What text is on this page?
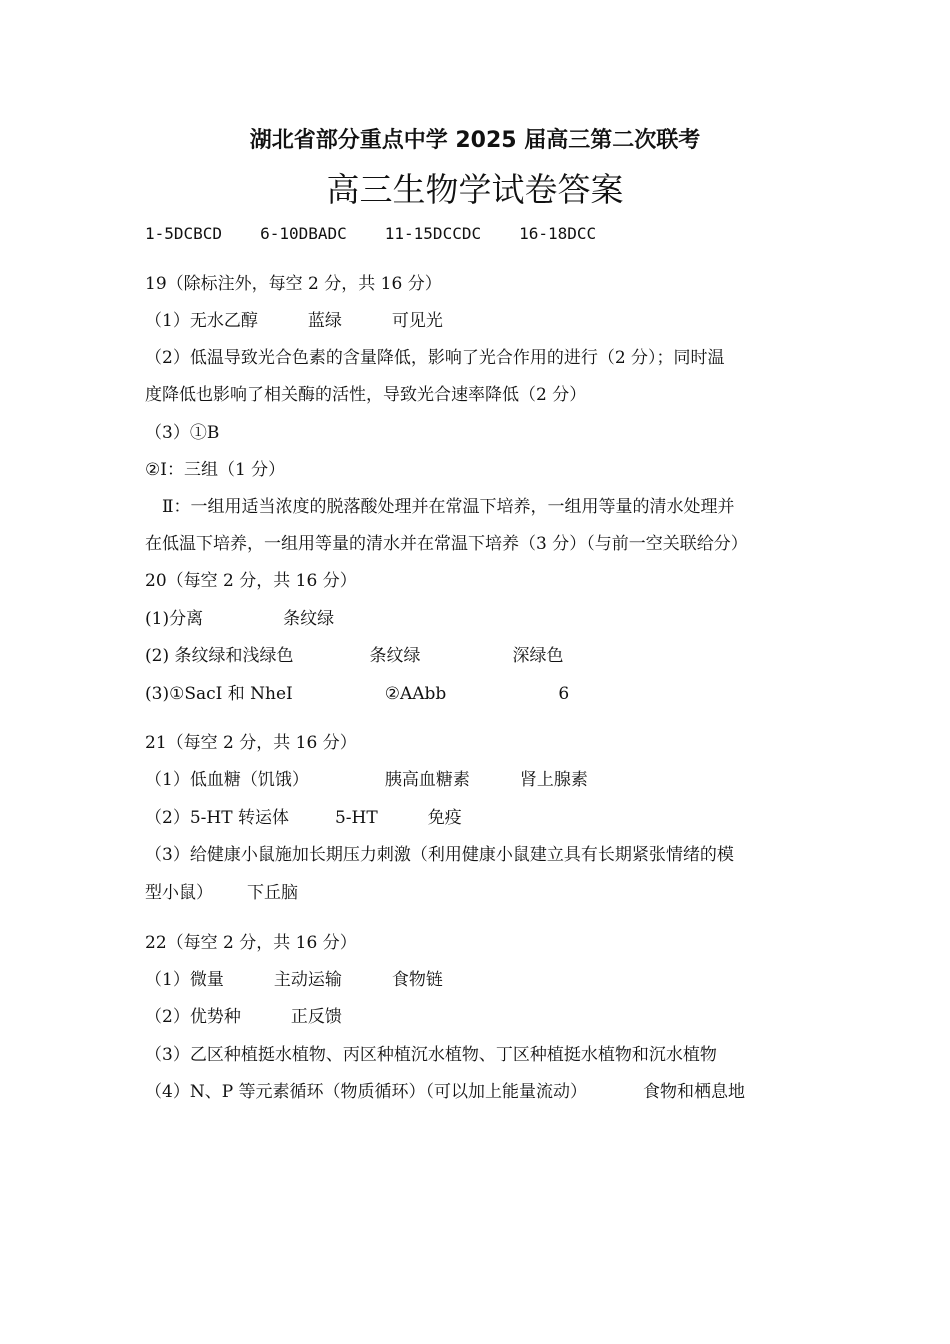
湖北省部分重点中学 2025 届高三第二次联考
高三生物学试卷答案
1-5DCBCD 6-10DBADC 11-15DCCDC 16-18DCC
19（除标注外，每空 2 分，共 16 分）
（1）无水乙醇	蓝绿	可见光
（2）低温导致光合色素的含量降低，影响了光合作用的进行（2 分）；同时温
度降低也影响了相关酶的活性，导致光合速率降低（2 分）
（3）①B
②Ⅰ：三组（1 分）
Ⅱ：一组用适当浓度的脱落酸处理并在常温下培养，一组用等量的清水处理并
在低温下培养，一组用等量的清水并在常温下培养（3 分）（与前一空关联给分）
20（每空 2 分，共 16 分）
(1)分离	条纹绿
(2) 条纹绿和浅绿色	条纹绿	深绿色
(3)①SacI 和 NheI	②AAbb	6
21（每空 2 分，共 16 分）
（1）低血糖（饥饿）	胰高血糖素	肾上腺素
（2）5-HT 转运体	5-HT	免疫
（3）给健康小鼠施加长期压力刺激（利用健康小鼠建立具有长期紧张情绪的模
型小鼠） 下丘脑
22（每空 2 分，共 16 分）
（1）微量	主动运输	食物链
（2）优势种	正反馈
（3）乙区种植挺水植物、丙区种植沉水植物、丁区种植挺水植物和沉水植物
（4）N、P 等元素循环（物质循环）（可以加上能量流动）	食物和栖息地
